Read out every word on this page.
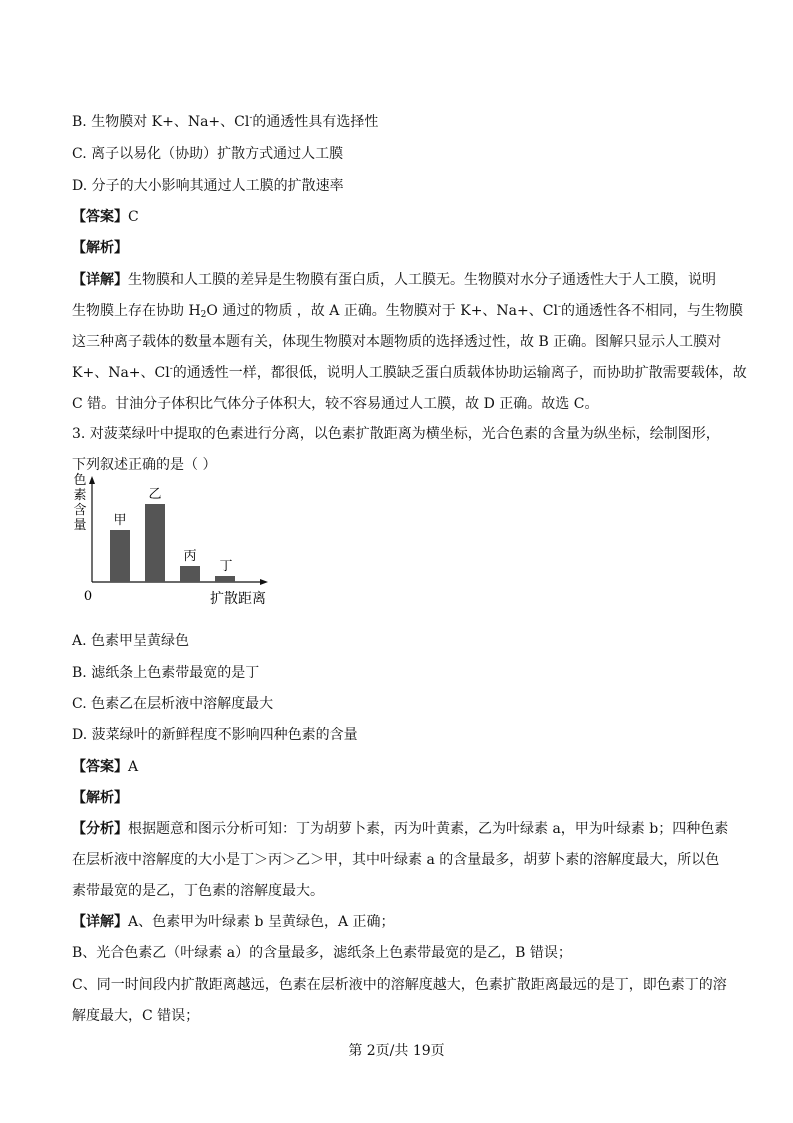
B. 生物膜对 K+、Na+、Cl-的通透性具有选择性
C. 离子以易化（协助）扩散方式通过人工膜
D. 分子的大小影响其通过人工膜的扩散速率
【答案】C
【解析】
【详解】生物膜和人工膜的差异是生物膜有蛋白质，人工膜无。生物膜对水分子通透性大于人工膜，说明
生物膜上存在协助 $H_2O$ 通过的物质 ，故 A 正确。生物膜对于 K+、Na+、Cl-的通透性各不相同，与生物膜
这三种离子载体的数量本题有关，体现生物膜对本题物质的选择透过性，故 B 正确。图解只显示人工膜对
K+、Na+、Cl-的通透性一样，都很低，说明人工膜缺乏蛋白质载体协助运输离子，而协助扩散需要载体，故
C 错。甘油分子体积比气体分子体积大，较不容易通过人工膜，故 D 正确。故选 C。
3. 对菠菜绿叶中提取的色素进行分离，以色素扩散距离为横坐标，光合色素的含量为纵坐标，绘制图形，
下列叙述正确的是（ ）
色
素
含
量
0	扩散距离
甲
乙
丙
丁
A. 色素甲呈黄绿色
B. 滤纸条上色素带最宽的是丁
C. 色素乙在层析液中溶解度最大
D. 菠菜绿叶的新鲜程度不影响四种色素的含量
【答案】A
【解析】
【分析】根据题意和图示分析可知：丁为胡萝卜素，丙为叶黄素，乙为叶绿素 a，甲为叶绿素 b；四种色素
在层析液中溶解度的大小是丁＞丙＞乙＞甲，其中叶绿素 a 的含量最多，胡萝卜素的溶解度最大，所以色
素带最宽的是乙，丁色素的溶解度最大。
【详解】A、色素甲为叶绿素 b 呈黄绿色，A 正确；
B、光合色素乙（叶绿素 a）的含量最多，滤纸条上色素带最宽的是乙，B 错误；
C、同一时间段内扩散距离越远，色素在层析液中的溶解度越大，色素扩散距离最远的是丁，即色素丁的溶
解度最大，C 错误；
第 2页/共 19页
